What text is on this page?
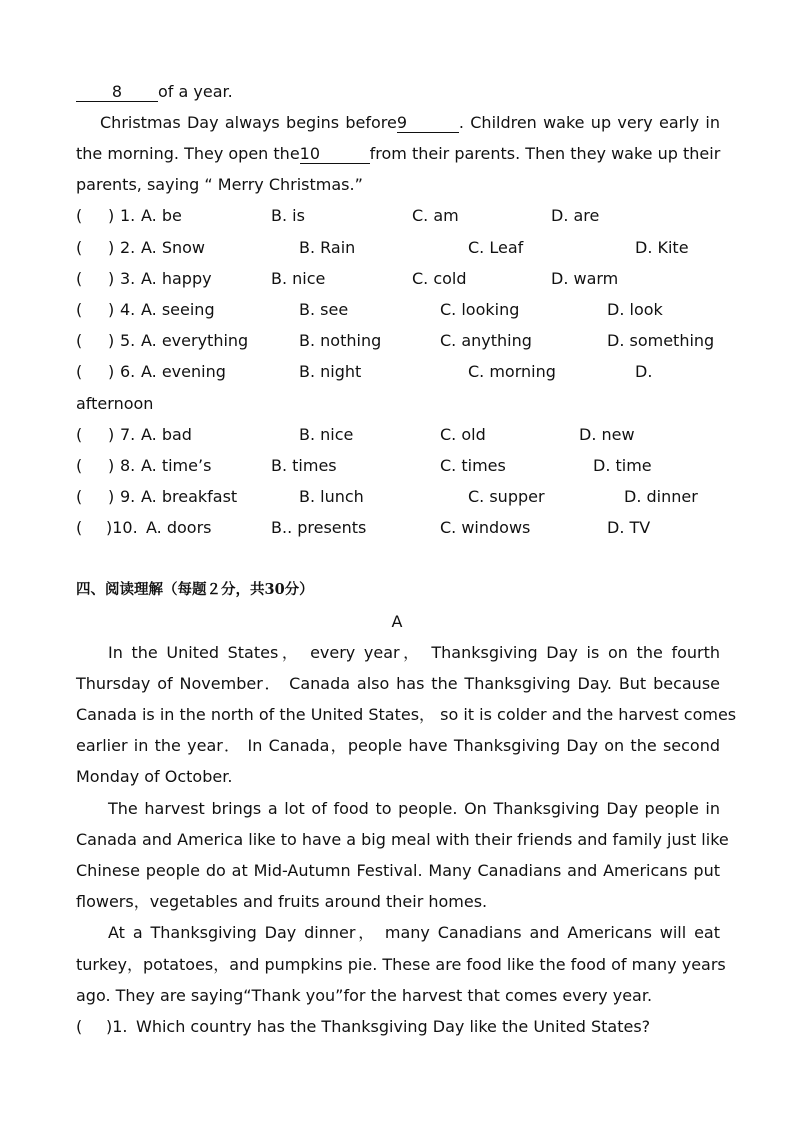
8 of a year.
Christmas Day always begins before9	. Children wake up very early in
the morning. They open the10	from their parents. Then they wake up their
parents, saying “ Merry Christmas.”
( ) 1. A. be	B. is	C. am	D. are
( ) 2. A. Snow	B. Rain	C. Leaf	D. Kite
( ) 3. A. happy	B. nice	C. cold	D. warm
( ) 4. A. seeing	B. see	C. looking	D. look
( ) 5. A. everything	B. nothing	C. anything	D. something
( ) 6. A. evening	B. night	C. morning	D.
afternoon
( ) 7. A. bad	B. nice	C. old	D. new
( ) 8. A. time’s	B. times	C. times	D. time
( ) 9. A. breakfast	B. lunch	C. supper	D. dinner
( )10. A. doors	B.. presents	C. windows	D. TV
四、阅读理解（每题２分，共30分）
A
In the United States， every year， Thanksgiving Day is on the fourth
Thursday of November． Canada also has the Thanksgiving Day. But because
Canada is in the north of the United States， so it is colder and the harvest comes
earlier in the year． In Canada，people have Thanksgiving Day on the second
Monday of October.
The harvest brings a lot of food to people. On Thanksgiving Day people in
Canada and America like to have a big meal with their friends and family just like
Chinese people do at Mid-Autumn Festival. Many Canadians and Americans put
flowers，vegetables and fruits around their homes.
At a Thanksgiving Day dinner， many Canadians and Americans will eat
turkey，potatoes，and pumpkins pie. These are food like the food of many years
ago. They are saying“Thank you”for the harvest that comes every year.
( )1. Which country has the Thanksgiving Day like the United States?
